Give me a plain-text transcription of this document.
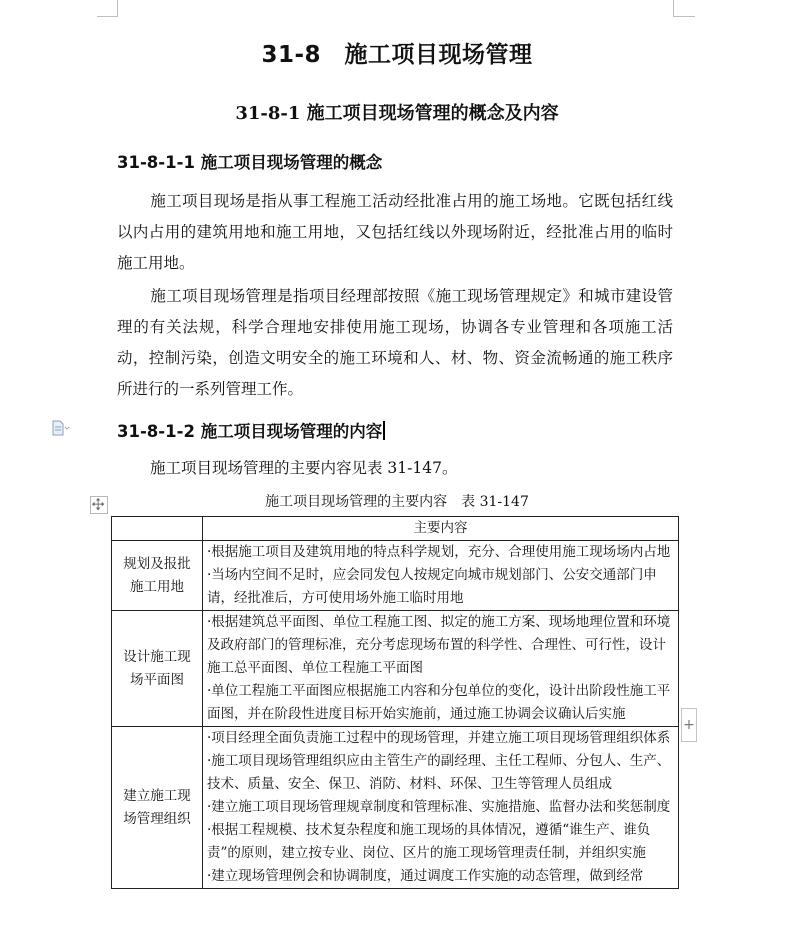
31-8　施工项目现场管理
31-8-1 施工项目现场管理的概念及内容
31-8-1-1 施工项目现场管理的概念
施工项目现场是指从事工程施工活动经批准占用的施工场地。它既包括红线以内占用的建筑用地和施工用地，又包括红线以外现场附近，经批准占用的临时施工用地。
施工项目现场管理是指项目经理部按照《施工现场管理规定》和城市建设管理的有关法规，科学合理地安排使用施工现场，协调各专业管理和各项施工活动，控制污染，创造文明安全的施工环境和人、材、物、资金流畅通的施工秩序所进行的一系列管理工作。
31-8-1-2 施工项目现场管理的内容
施工项目现场管理的主要内容见表 31-147。
施工项目现场管理的主要内容　表 31-147
	主要内容
规划及报批施工用地	·根据施工项目及建筑用地的特点科学规划，充分、合理使用施工现场场内占地
·当场内空间不足时，应会同发包人按规定向城市规划部门、公安交通部门申请，经批准后，方可使用场外施工临时用地

设计施工现场平面图	·根据建筑总平面图、单位工程施工图、拟定的施工方案、现场地理位置和环境及政府部门的管理标准，充分考虑现场布置的科学性、合理性、可行性，设计施工总平面图、单位工程施工平面图
·单位工程施工平面图应根据施工内容和分包单位的变化，设计出阶段性施工平面图，并在阶段性进度目标开始实施前，通过施工协调会议确认后实施

建立施工现场管理组织	·项目经理全面负责施工过程中的现场管理，并建立施工项目现场管理组织体系
·施工项目现场管理组织应由主管生产的副经理、主任工程师、分包人、生产、技术、质量、安全、保卫、消防、材料、环保、卫生等管理人员组成
·建立施工项目现场管理规章制度和管理标准、实施措施、监督办法和奖惩制度
·根据工程规模、技术复杂程度和施工现场的具体情况，遵循“谁生产、谁负责”的原则，建立按专业、岗位、区片的施工现场管理责任制，并组织实施
·建立现场管理例会和协调制度，通过调度工作实施的动态管理，做到经常
+
